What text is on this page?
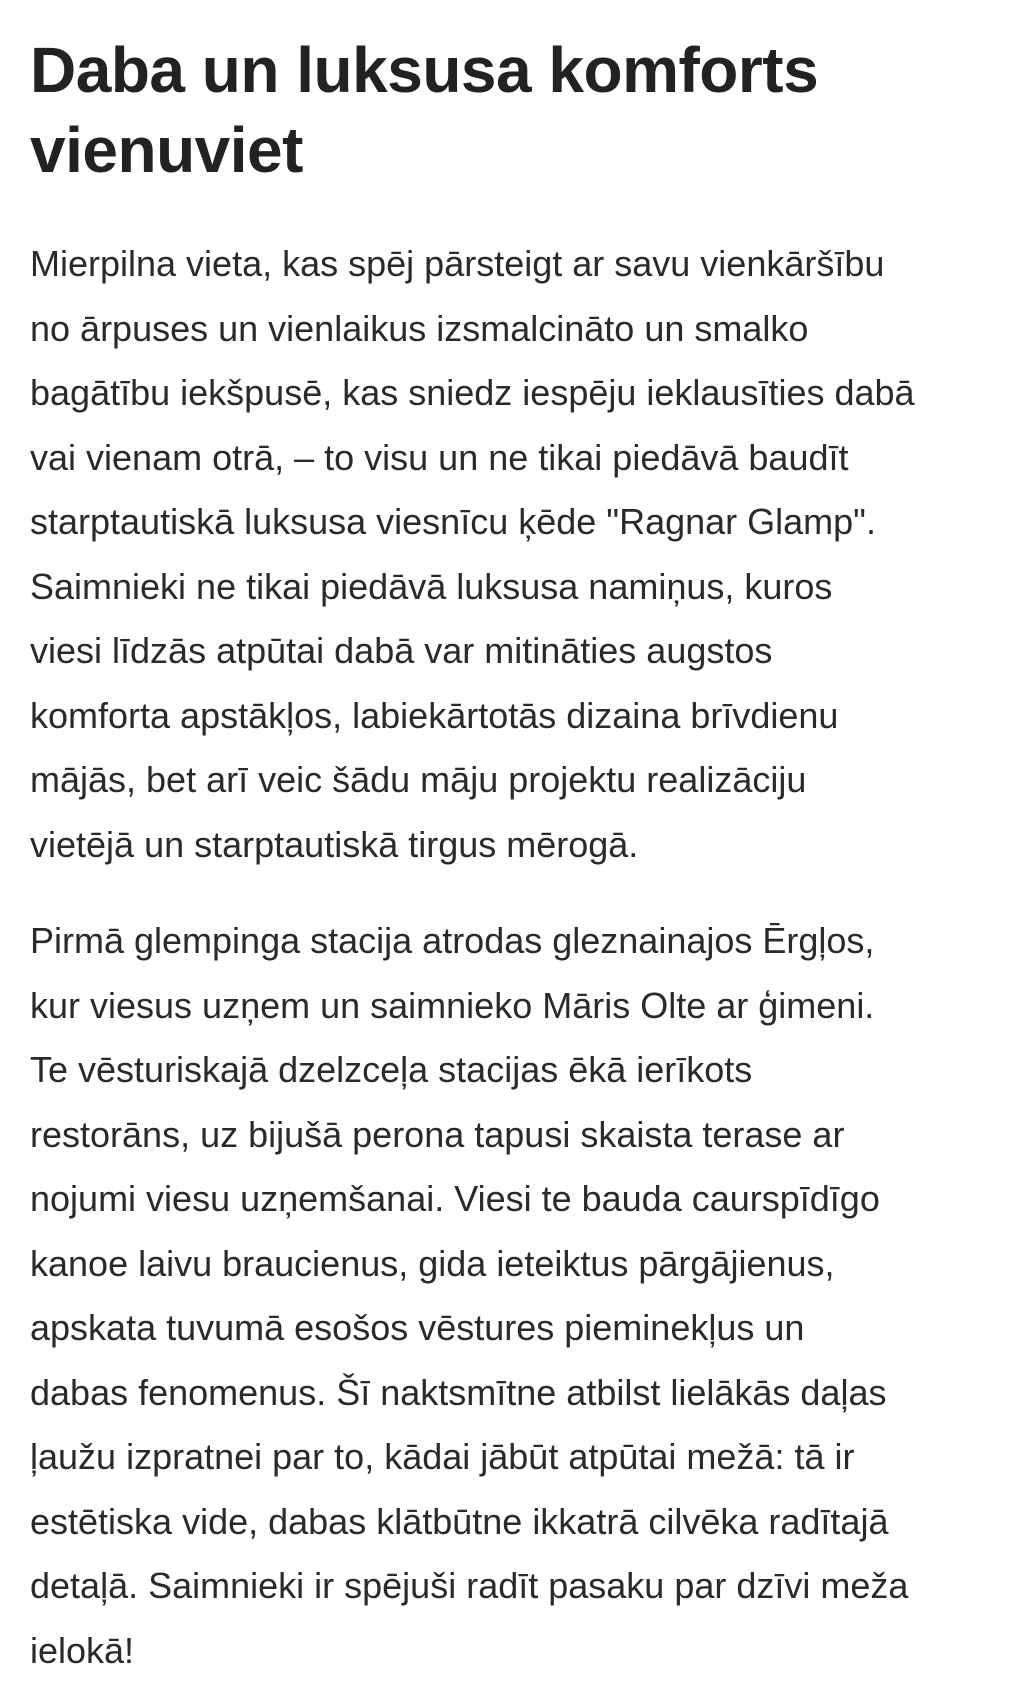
Daba un luksusa komforts
vienuviet

Mierpilna vieta, kas spēj pārsteigt ar savu vienkāršību
no ārpuses un vienlaikus izsmalcināto un smalko
bagātību iekšpusē, kas sniedz iespēju ieklausīties dabā
vai vienam otrā, – to visu un ne tikai piedāvā baudīt
starptautiskā luksusa viesnīcu ķēde "Ragnar Glamp".
Saimnieki ne tikai piedāvā luksusa namiņus, kuros
viesi līdzās atpūtai dabā var mitināties augstos
komforta apstākļos, labiekārtotās dizaina brīvdienu
mājās, bet arī veic šādu māju projektu realizāciju
vietējā un starptautiskā tirgus mērogā.

Pirmā glempinga stacija atrodas gleznainajos Ērgļos,
kur viesus uzņem un saimnieko Māris Olte ar ģimeni.
Te vēsturiskajā dzelzceļa stacijas ēkā ierīkots
restorāns, uz bijušā perona tapusi skaista terase ar
nojumi viesu uzņemšanai. Viesi te bauda caurspīdīgo
kanoe laivu braucienus, gida ieteiktus pārgājienus,
apskata tuvumā esošos vēstures pieminekļus un
dabas fenomenus. Šī naktsmītne atbilst lielākās daļas
ļaužu izpratnei par to, kādai jābūt atpūtai mežā: tā ir
estētiska vide, dabas klātbūtne ikkatrā cilvēka radītajā
detaļā. Saimnieki ir spējuši radīt pasaku par dzīvi meža
ielokā!
